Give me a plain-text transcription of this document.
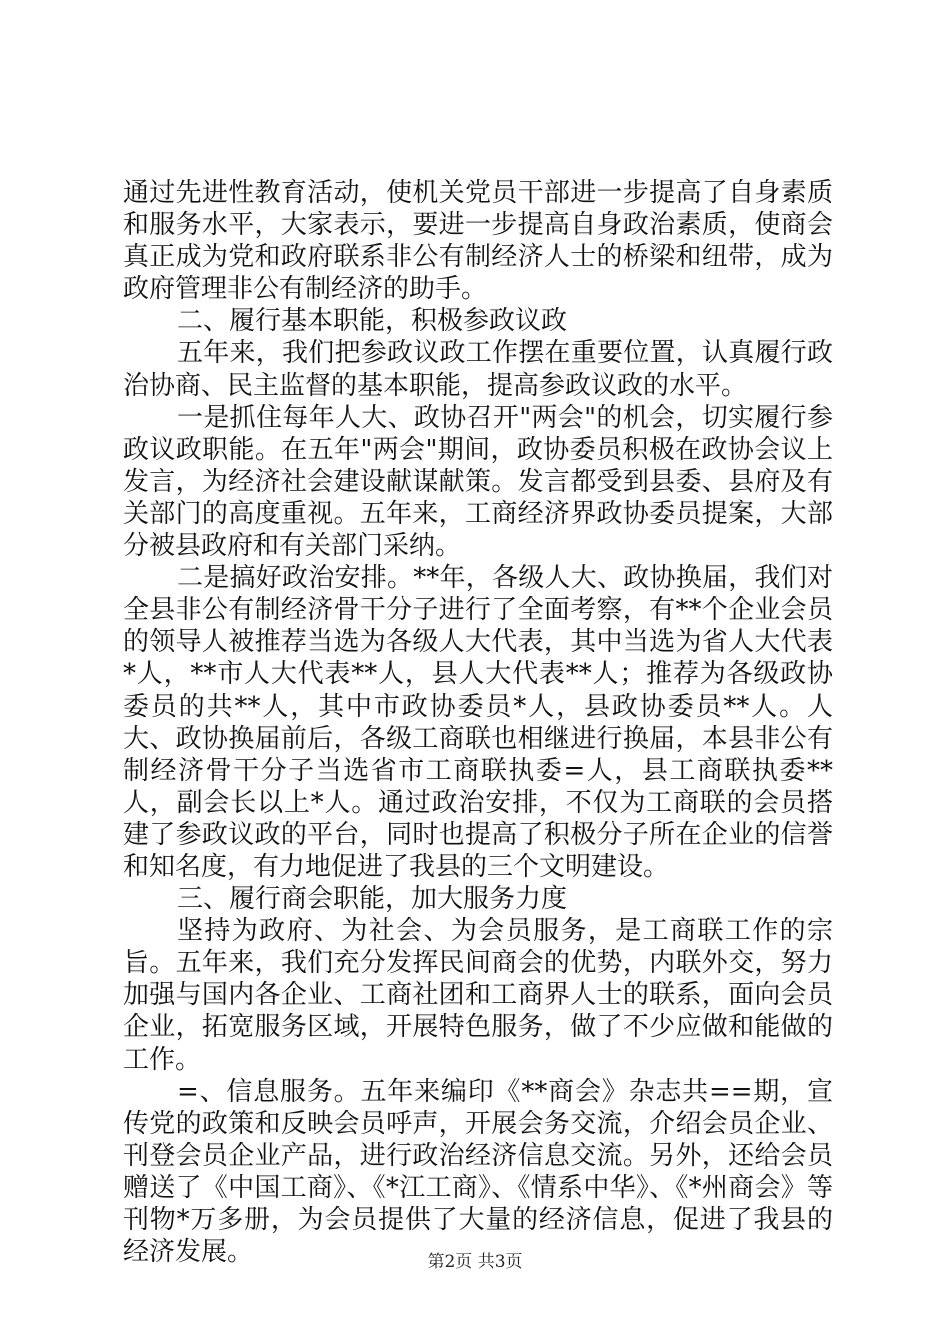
通过先进性教育活动，使机关党员干部进一步提高了自身素质和服务水平，大家表示，要进一步提高自身政治素质，使商会真正成为党和政府联系非公有制经济人士的桥梁和纽带，成为政府管理非公有制经济的助手。

二、履行基本职能，积极参政议政

五年来，我们把参政议政工作摆在重要位置，认真履行政治协商、民主监督的基本职能，提高参政议政的水平。

一是抓住每年人大、政协召开"两会"的机会，切实履行参政议政职能。在五年"两会"期间，政协委员积极在政协会议上发言，为经济社会建设献谋献策。发言都受到县委、县府及有关部门的高度重视。五年来，工商经济界政协委员提案，大部分被县政府和有关部门采纳。

二是搞好政治安排。**年，各级人大、政协换届，我们对全县非公有制经济骨干分子进行了全面考察，有**个企业会员的领导人被推荐当选为各级人大代表，其中当选为省人大代表*人，**市人大代表**人，县人大代表**人；推荐为各级政协委员的共**人，其中市政协委员*人，县政协委员**人。人大、政协换届前后，各级工商联也相继进行换届，本县非公有制经济骨干分子当选省市工商联执委=人，县工商联执委**人，副会长以上*人。通过政治安排，不仅为工商联的会员搭建了参政议政的平台，同时也提高了积极分子所在企业的信誉和知名度，有力地促进了我县的三个文明建设。

三、履行商会职能，加大服务力度

坚持为政府、为社会、为会员服务，是工商联工作的宗旨。五年来，我们充分发挥民间商会的优势，内联外交，努力加强与国内各企业、工商社团和工商界人士的联系，面向会员企业，拓宽服务区域，开展特色服务，做了不少应做和能做的工作。

=、信息服务。五年来编印《**商会》杂志共==期，宣传党的政策和反映会员呼声，开展会务交流，介绍会员企业、刊登会员企业产品，进行政治经济信息交流。另外，还给会员赠送了《中国工商》、《*江工商》、《情系中华》、《*州商会》等刊物*万多册，为会员提供了大量的经济信息，促进了我县的经济发展。	第2页 共3页
